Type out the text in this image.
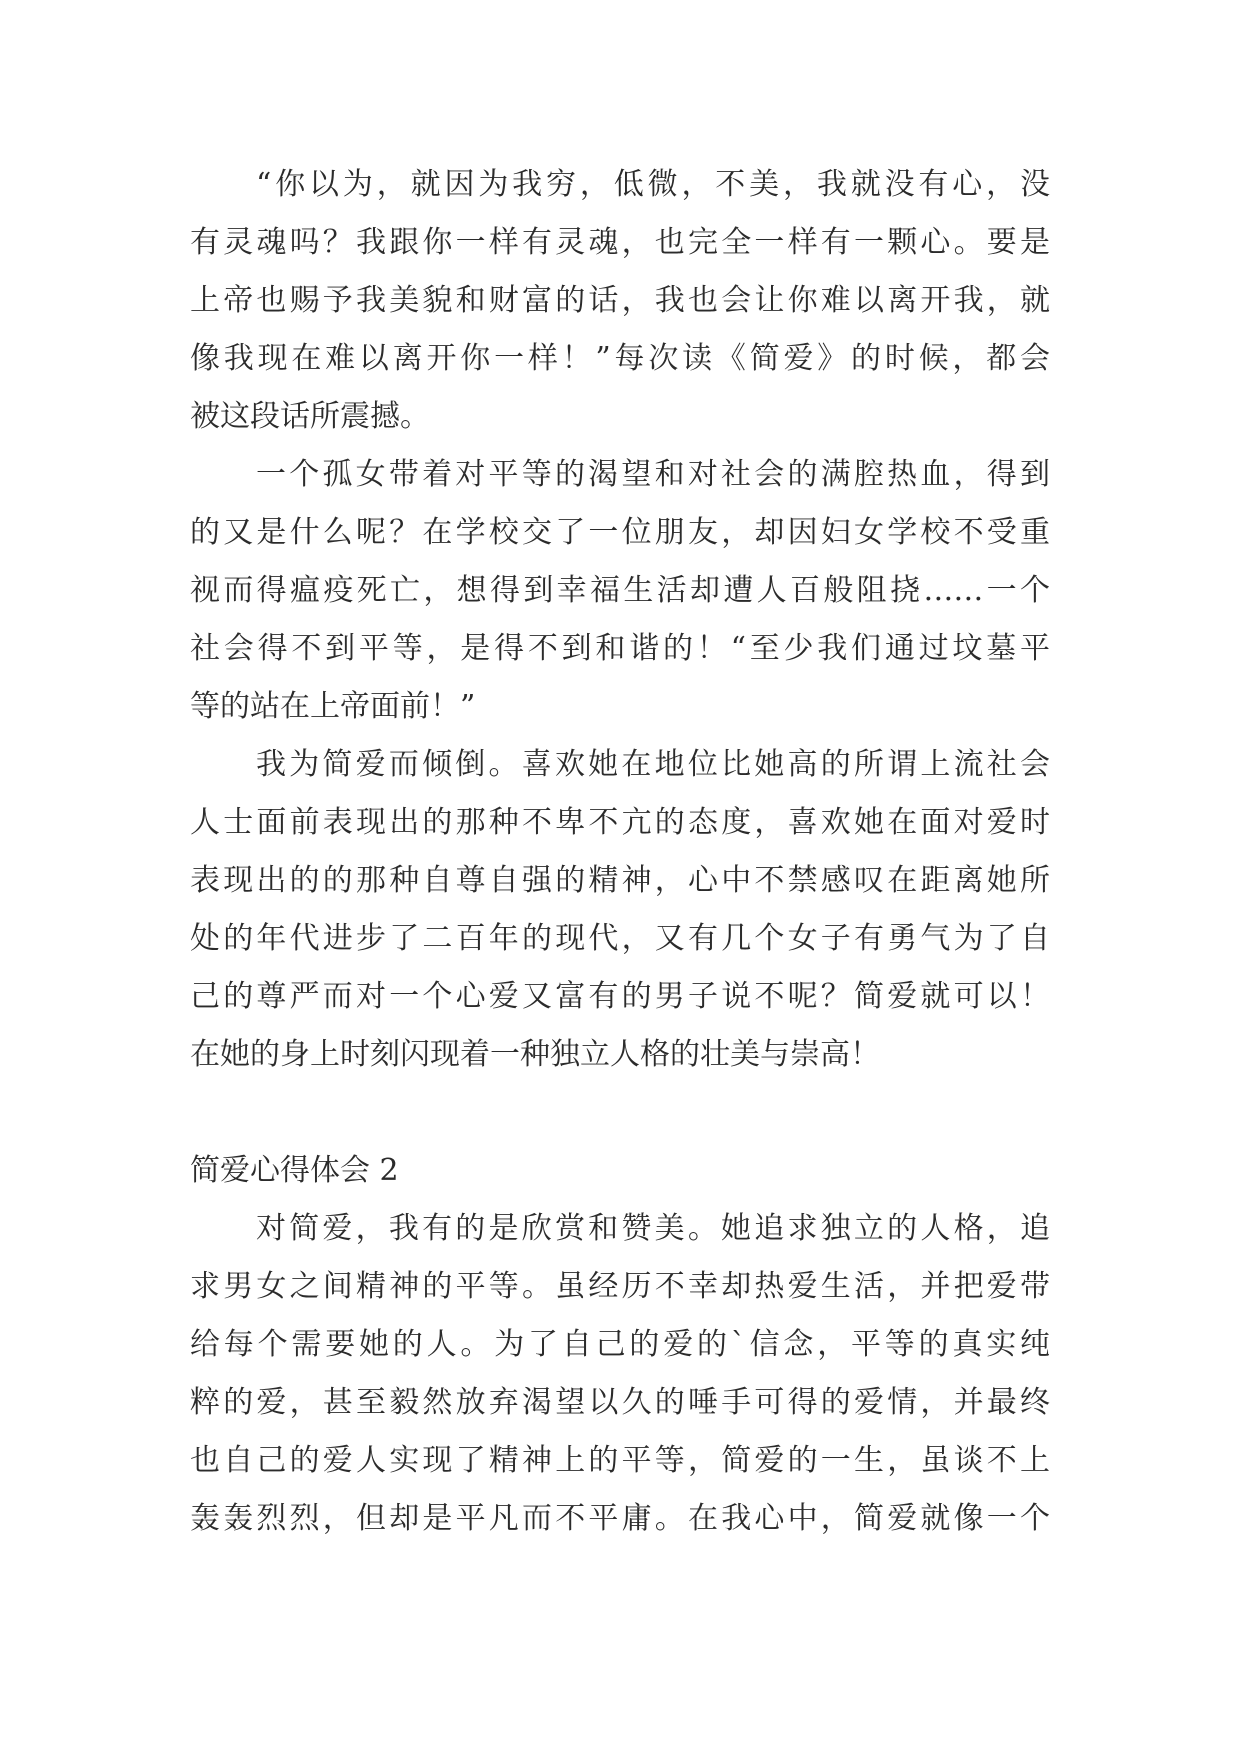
“你以为，就因为我穷，低微，不美，我就没有心，没
有灵魂吗？我跟你一样有灵魂，也完全一样有一颗心。要是
上帝也赐予我美貌和财富的话，我也会让你难以离开我，就
像我现在难以离开你一样！”每次读《简爱》的时候，都会
被这段话所震撼。
一个孤女带着对平等的渴望和对社会的满腔热血，得到
的又是什么呢？在学校交了一位朋友，却因妇女学校不受重
视而得瘟疫死亡，想得到幸福生活却遭人百般阻挠……一个
社会得不到平等，是得不到和谐的！“至少我们通过坟墓平
等的站在上帝面前！”
我为简爱而倾倒。喜欢她在地位比她高的所谓上流社会
人士面前表现出的那种不卑不亢的态度，喜欢她在面对爱时
表现出的的那种自尊自强的精神，心中不禁感叹在距离她所
处的年代进步了二百年的现代，又有几个女子有勇气为了自
己的尊严而对一个心爱又富有的男子说不呢？简爱就可以！
在她的身上时刻闪现着一种独立人格的壮美与崇高！
简爱心得体会 2
对简爱，我有的是欣赏和赞美。她追求独立的人格，追
求男女之间精神的平等。虽经历不幸却热爱生活，并把爱带
给每个需要她的人。为了自己的爱的`信念，平等的真实纯
粹的爱，甚至毅然放弃渴望以久的唾手可得的爱情，并最终
也自己的爱人实现了精神上的平等，简爱的一生，虽谈不上
轰轰烈烈，但却是平凡而不平庸。在我心中，简爱就像一个
